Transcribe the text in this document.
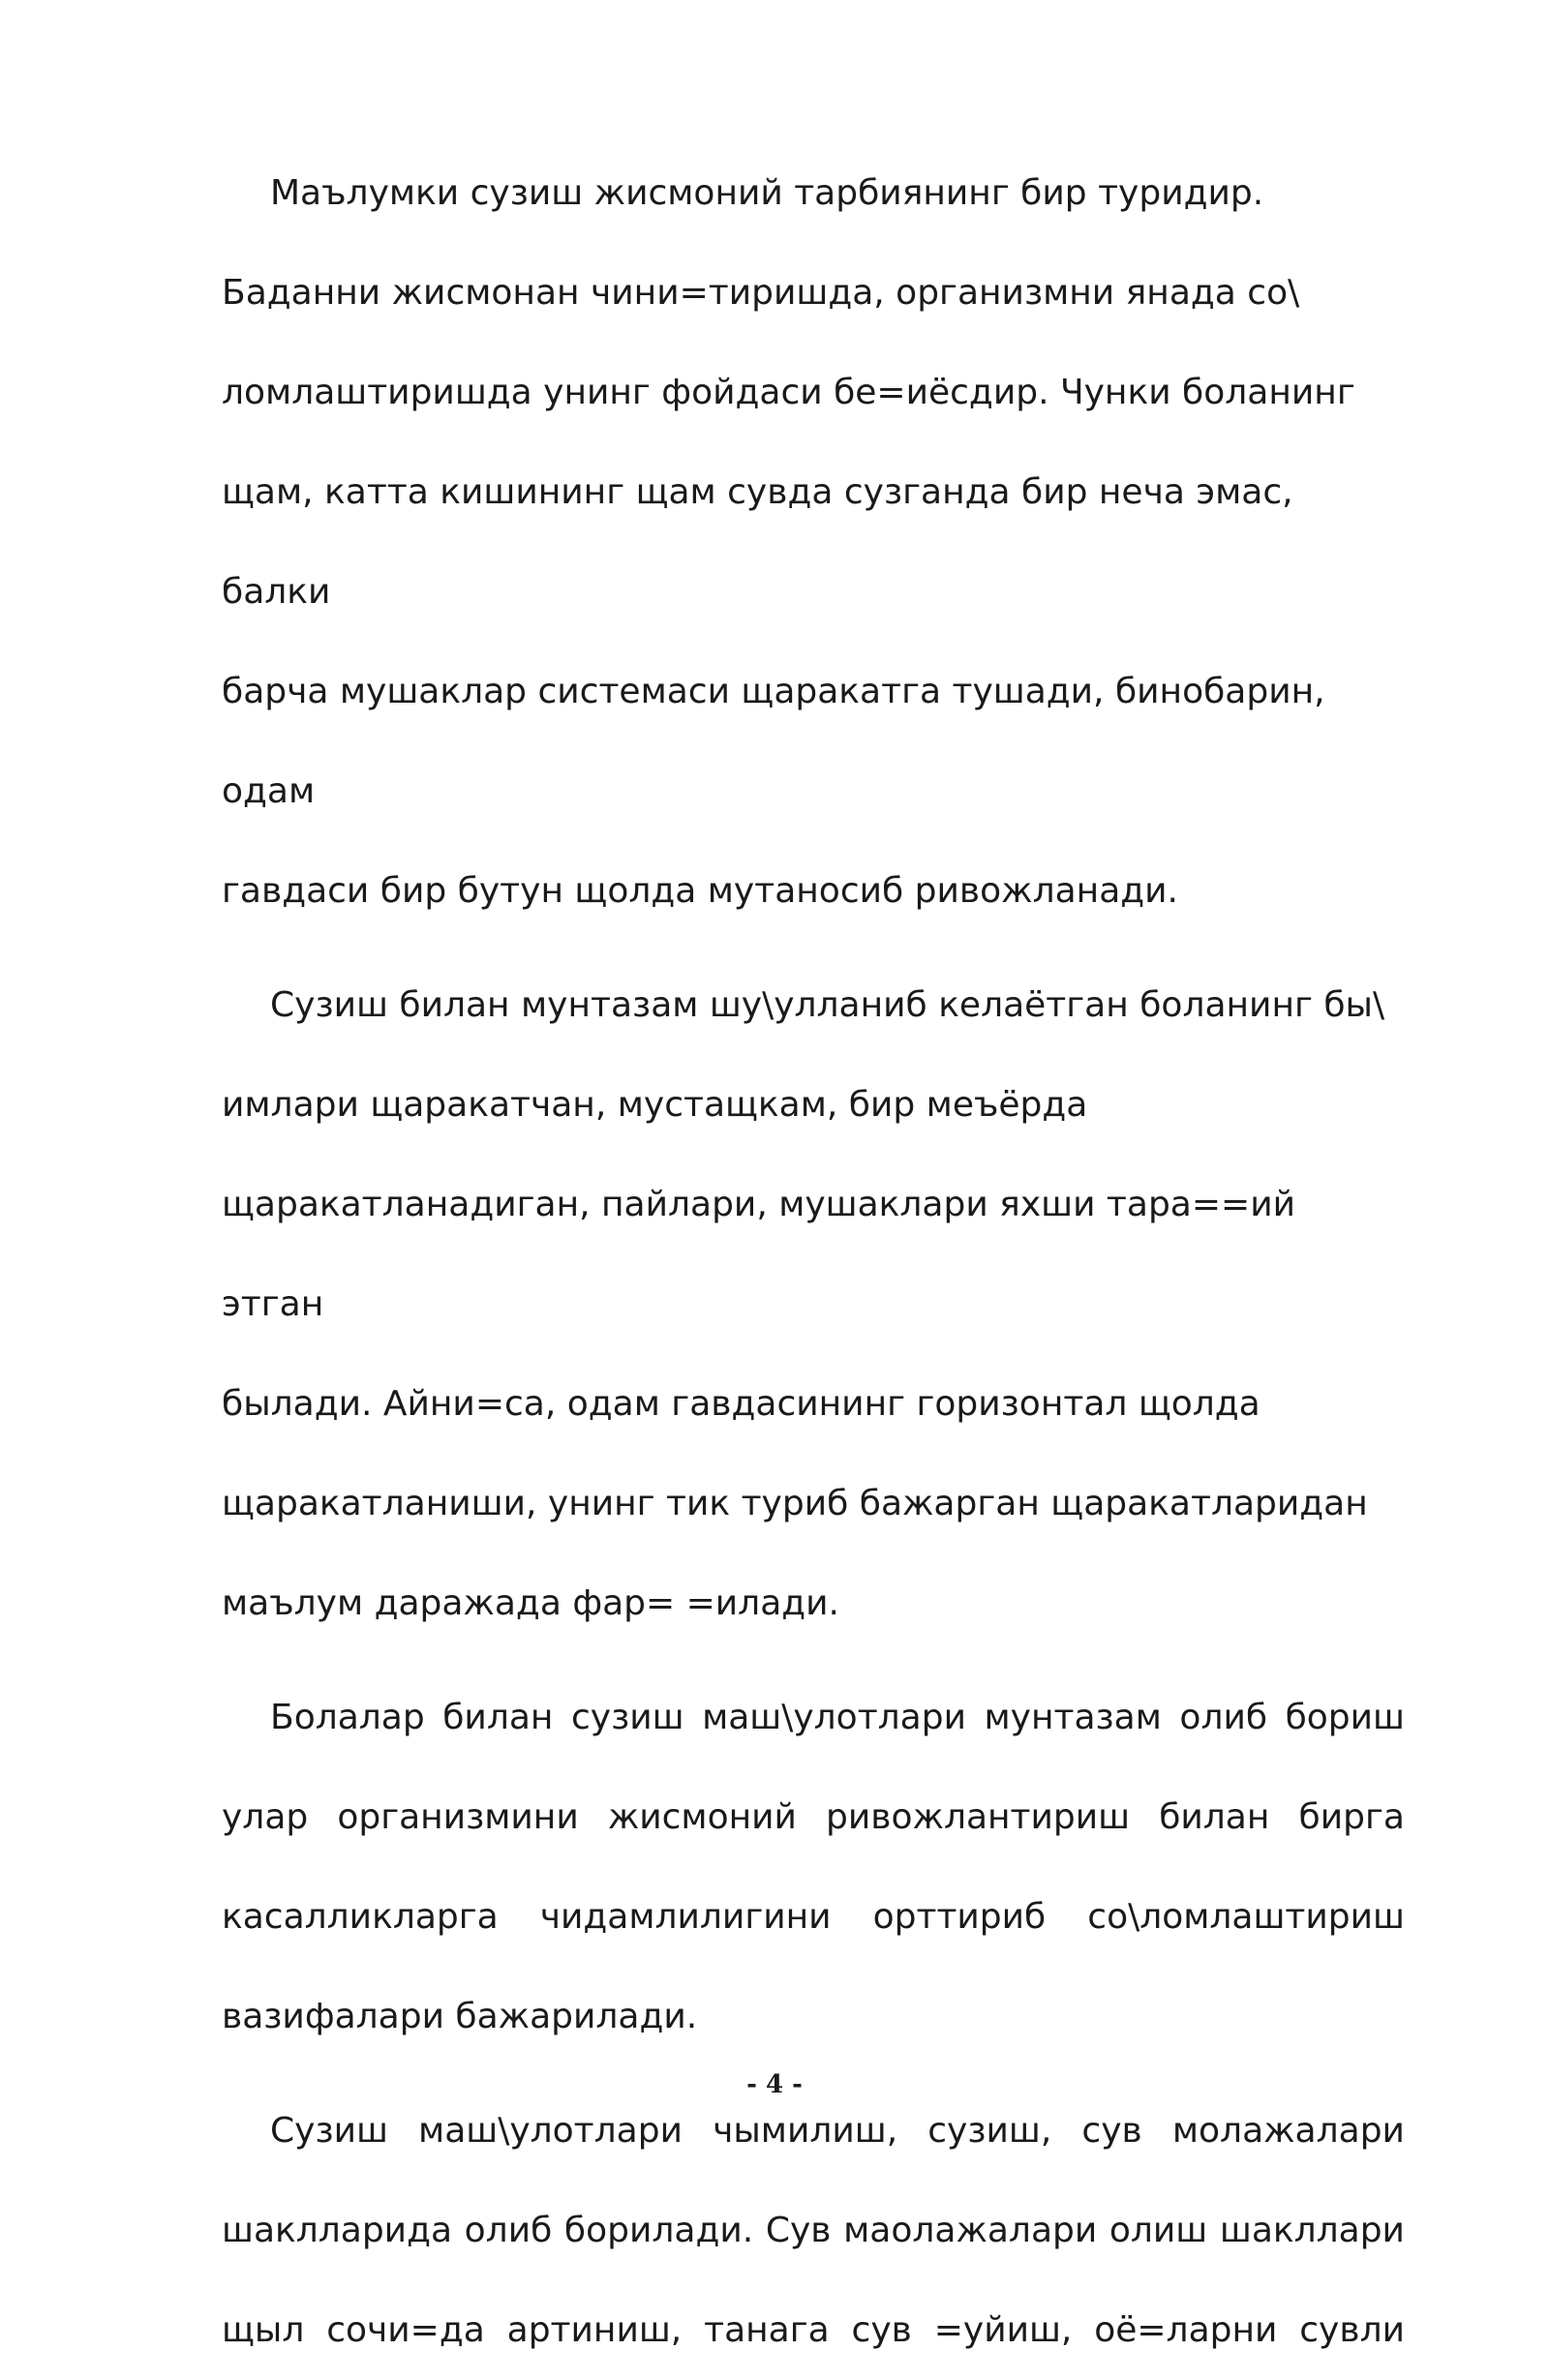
Маълумки сузиш жисмоний тарбиянинг бир туридир.
Баданни жисмонан чини=тиришда, организмни янада со\
ломлаштиришда унинг фойдаси бе=иёсдир. Чунки боланинг
щам, катта кишининг щам сувда сузганда бир неча эмас, балки
барча мушаклар системаси щаракатга тушади, бинобарин, одам
гавдаси бир бутун щолда мутаносиб ривожланади.
Сузиш билан мунтазам шу\улланиб келаётган боланинг бы\
имлари щаракатчан, мустащкам, бир меъёрда
щаракатланадиган, пайлари, мушаклари яхши тара==ий этган
былади. Айни=са, одам гавдасининг горизонтал щолда
щаракатланиши, унинг тик туриб бажарган щаракатларидан
маълум даражада фар= =илади.
Болалар билан сузиш маш\улотлари мунтазам олиб бориш
улар организмини жисмоний ривожлантириш билан бирга
касалликларга чидамлилигини орттириб со\ломлаштириш
вазифалари бажарилади.
Сузиш маш\улотлари чымилиш, сузиш, сув молажалари
шаклларида олиб борилади. Сув маолажалари олиш шакллари
щыл сочи=да артиниш, танага сув =уйиш, оё=ларни сувли
- 4 -
